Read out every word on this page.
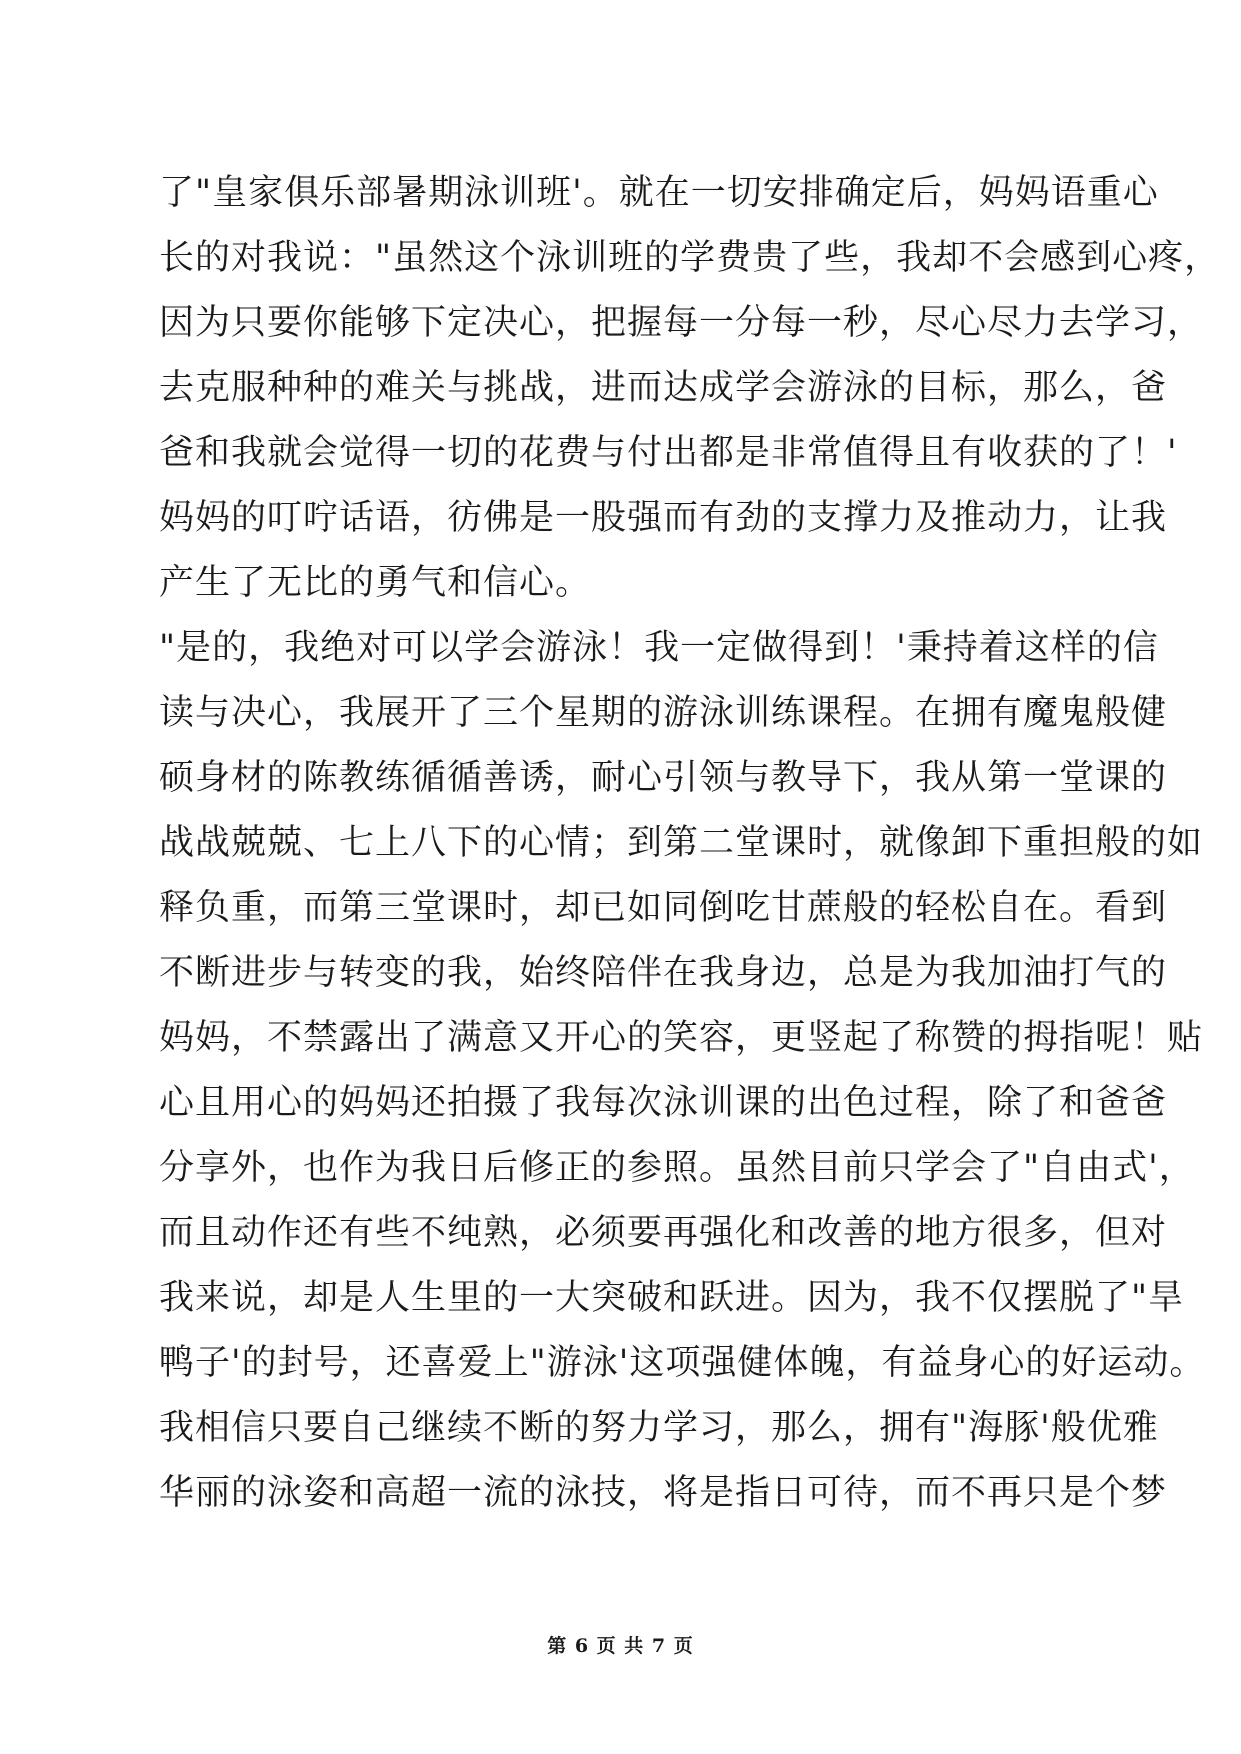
了"皇家俱乐部暑期泳训班'。就在一切安排确定后，妈妈语重心
长的对我说："虽然这个泳训班的学费贵了些，我却不会感到心疼，
因为只要你能够下定决心，把握每一分每一秒，尽心尽力去学习，
去克服种种的难关与挑战，进而达成学会游泳的目标，那么，爸
爸和我就会觉得一切的花费与付出都是非常值得且有收获的了！'
妈妈的叮咛话语，彷佛是一股强而有劲的支撑力及推动力，让我
产生了无比的勇气和信心。
"是的，我绝对可以学会游泳！我一定做得到！'秉持着这样的信
读与决心，我展开了三个星期的游泳训练课程。在拥有魔鬼般健
硕身材的陈教练循循善诱，耐心引领与教导下，我从第一堂课的
战战兢兢、七上八下的心情；到第二堂课时，就像卸下重担般的如
释负重，而第三堂课时，却已如同倒吃甘蔗般的轻松自在。看到
不断进步与转变的我，始终陪伴在我身边，总是为我加油打气的
妈妈，不禁露出了满意又开心的笑容，更竖起了称赞的拇指呢！贴
心且用心的妈妈还拍摄了我每次泳训课的出色过程，除了和爸爸
分享外，也作为我日后修正的参照。虽然目前只学会了"自由式'，
而且动作还有些不纯熟，必须要再强化和改善的地方很多，但对
我来说，却是人生里的一大突破和跃进。因为，我不仅摆脱了"旱
鸭子'的封号，还喜爱上"游泳'这项强健体魄，有益身心的好运动。
我相信只要自己继续不断的努力学习，那么，拥有"海豚'般优雅
华丽的泳姿和高超一流的泳技，将是指日可待，而不再只是个梦
第 6 页 共 7 页
